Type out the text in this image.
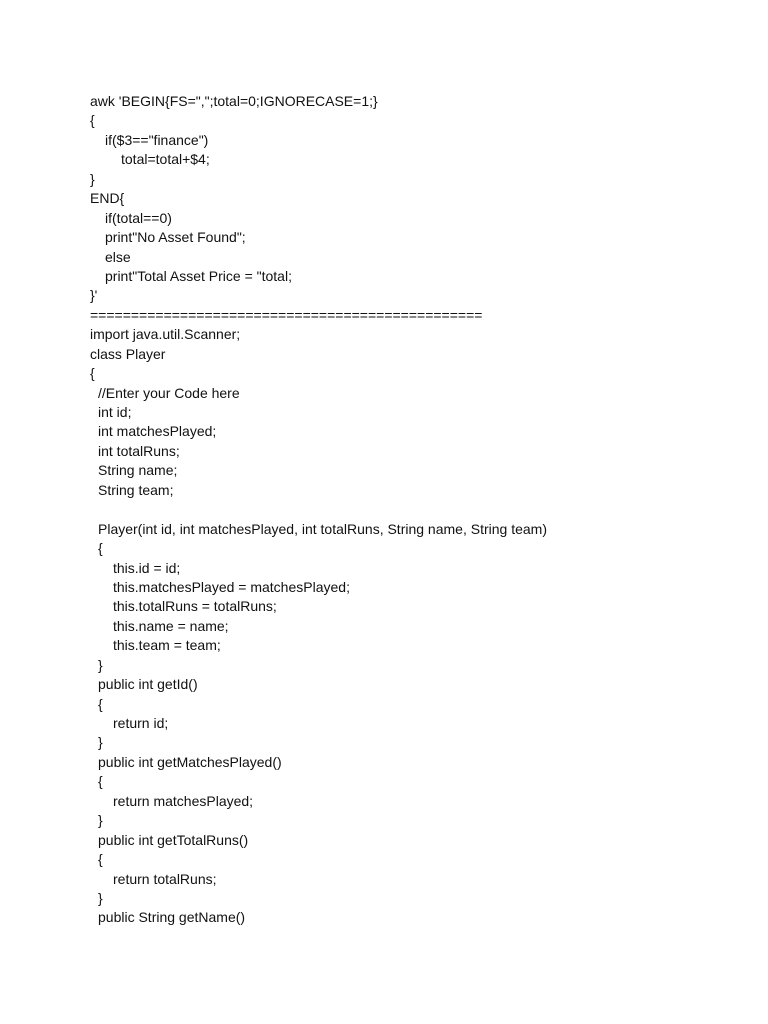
awk 'BEGIN{FS=",";total=0;IGNORECASE=1;}
{
if($3=="finance")
total=total+$4;
}
END{
if(total==0)
print"No Asset Found";
else
print"Total Asset Price = "total;
}'
================================================
import java.util.Scanner;
class Player
{
//Enter your Code here
int id;
int matchesPlayed;
int totalRuns;
String name;
String team;
Player(int id, int matchesPlayed, int totalRuns, String name, String team)
{
this.id = id;
this.matchesPlayed = matchesPlayed;
this.totalRuns = totalRuns;
this.name = name;
this.team = team;
}
public int getId()
{
return id;
}
public int getMatchesPlayed()
{
return matchesPlayed;
}
public int getTotalRuns()
{
return totalRuns;
}
public String getName()
